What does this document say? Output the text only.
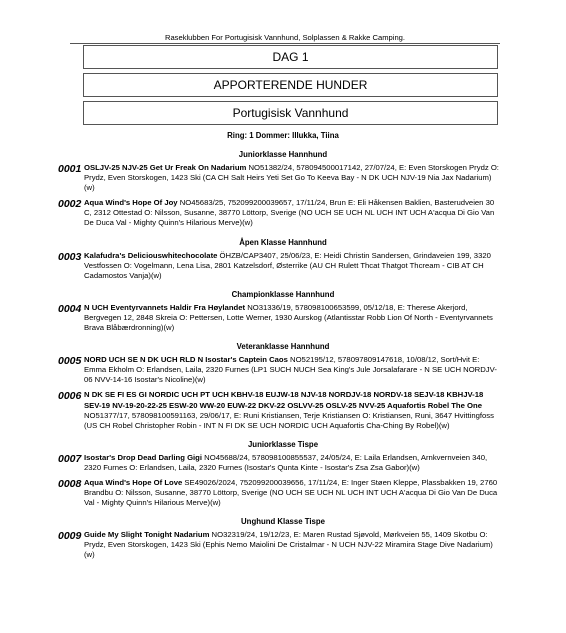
Raseklubben For Portugisisk Vannhund, Solplassen & Rakke Camping.
DAG 1
APPORTERENDE HUNDER
Portugisisk Vannhund
Ring: 1 Dommer: Illukka, Tiina
Juniorklasse Hannhund
0001 OSLJV-25 NJV-25 Get Ur Freak On Nadarium NO51382/24, 578094500017142, 27/07/24, E: Even Storskogen Prydz O: Prydz, Even Storskogen, 1423 Ski (CA CH Salt Heirs Yeti Set Go To Keeva Bay - N DK UCH NJV-19 Nia Jax Nadarium)(w)
0002 Aqua Wind's Hope Of Joy NO45683/25, 752099200039657, 17/11/24, Brun E: Eli Håkensen Baklien, Basterudveien 30 C, 2312 Ottestad O: Nilsson, Susanne, 38770 Löttorp, Sverige (NO UCH SE UCH NL UCH INT UCH A'acqua Di Gio Van De Duca Val - Mighty Quinn's Hilarious Merve)(w)
Åpen Klasse Hannhund
0003 Kalafudra's Deliciouswhitechocolate ÖHZB/CAP3407, 25/06/23, E: Heidi Christin Sandersen, Grindaveien 199, 3320 Vestfossen O: Vogelmann, Lena Lisa, 2801 Katzelsdorf, Østerrike (AU CH Rulett Thcat Thatgot Thcream - CIB AT CH Cadamostos Vanja)(w)
Championklasse Hannhund
0004 N UCH Eventyrvannets Haldir Fra Høylandet NO31336/19, 578098100653599, 05/12/18, E: Therese Akerjord, Bergvegen 12, 2848 Skreia O: Pettersen, Lotte Werner, 1930 Aurskog (Atlantisstar Robb Lion Of North - Eventyrvannets Brava Blåbærdronning)(w)
Veteranklasse Hannhund
0005 NORD UCH SE N DK UCH RLD N Isostar's Captein Caos NO52195/12, 578097809147618, 10/08/12, Sort/Hvit E: Emma Ekholm O: Erlandsen, Laila, 2320 Furnes (LP1 SUCH NUCH Sea King's Jule Jorsalafarare - N SE UCH NORDJV-06 NVV-14-16 Isostar's Nicoline)(w)
0006 N DK SE FI ES GI NORDIC UCH PT UCH KBHV-18 EUJW-18 NJV-18 NORDJV-18 NORDV-18 SEJV-18 KBHJV-18 SEV-19 NV-19-20-22-25 ESW-20 WW-20 EUW-22 DKV-22 OSLVV-25 OSLV-25 NVV-25 Aquafortis Robel The One NO51377/17, 578098100591163, 29/06/17, E: Runi Kristiansen, Terje Kristiansen O: Kristiansen, Runi, 3647 Hvittingfoss (US CH Robel Christopher Robin - INT N FI DK SE UCH NORDIC UCH Aquafortis Cha-Ching By Robel)(w)
Juniorklasse Tispe
0007 Isostar's Drop Dead Darling Gigi NO45688/24, 578098100855537, 24/05/24, E: Laila Erlandsen, Arnkvernveien 340, 2320 Furnes O: Erlandsen, Laila, 2320 Furnes (Isostar's Qunta Kinte - Isostar's Zsa Zsa Gabor)(w)
0008 Aqua Wind's Hope Of Love SE49026/2024, 752099200039656, 17/11/24, E: Inger Støen Kleppe, Plassbakken 19, 2760 Brandbu O: Nilsson, Susanne, 38770 Löttorp, Sverige (NO UCH SE UCH NL UCH INT UCH A'acqua Di Gio Van De Duca Val - Mighty Quinn's Hilarious Merve)(w)
Unghund Klasse Tispe
0009 Guide My Slight Tonight Nadarium NO32319/24, 19/12/23, E: Maren Rustad Sjøvold, Mørkveien 55, 1409 Skotbu O: Prydz, Even Storskogen, 1423 Ski (Ephis Nemo Maiolini De Cristalmar - N UCH NJV-22 Miramira Stage Dive Nadarium)(w)
